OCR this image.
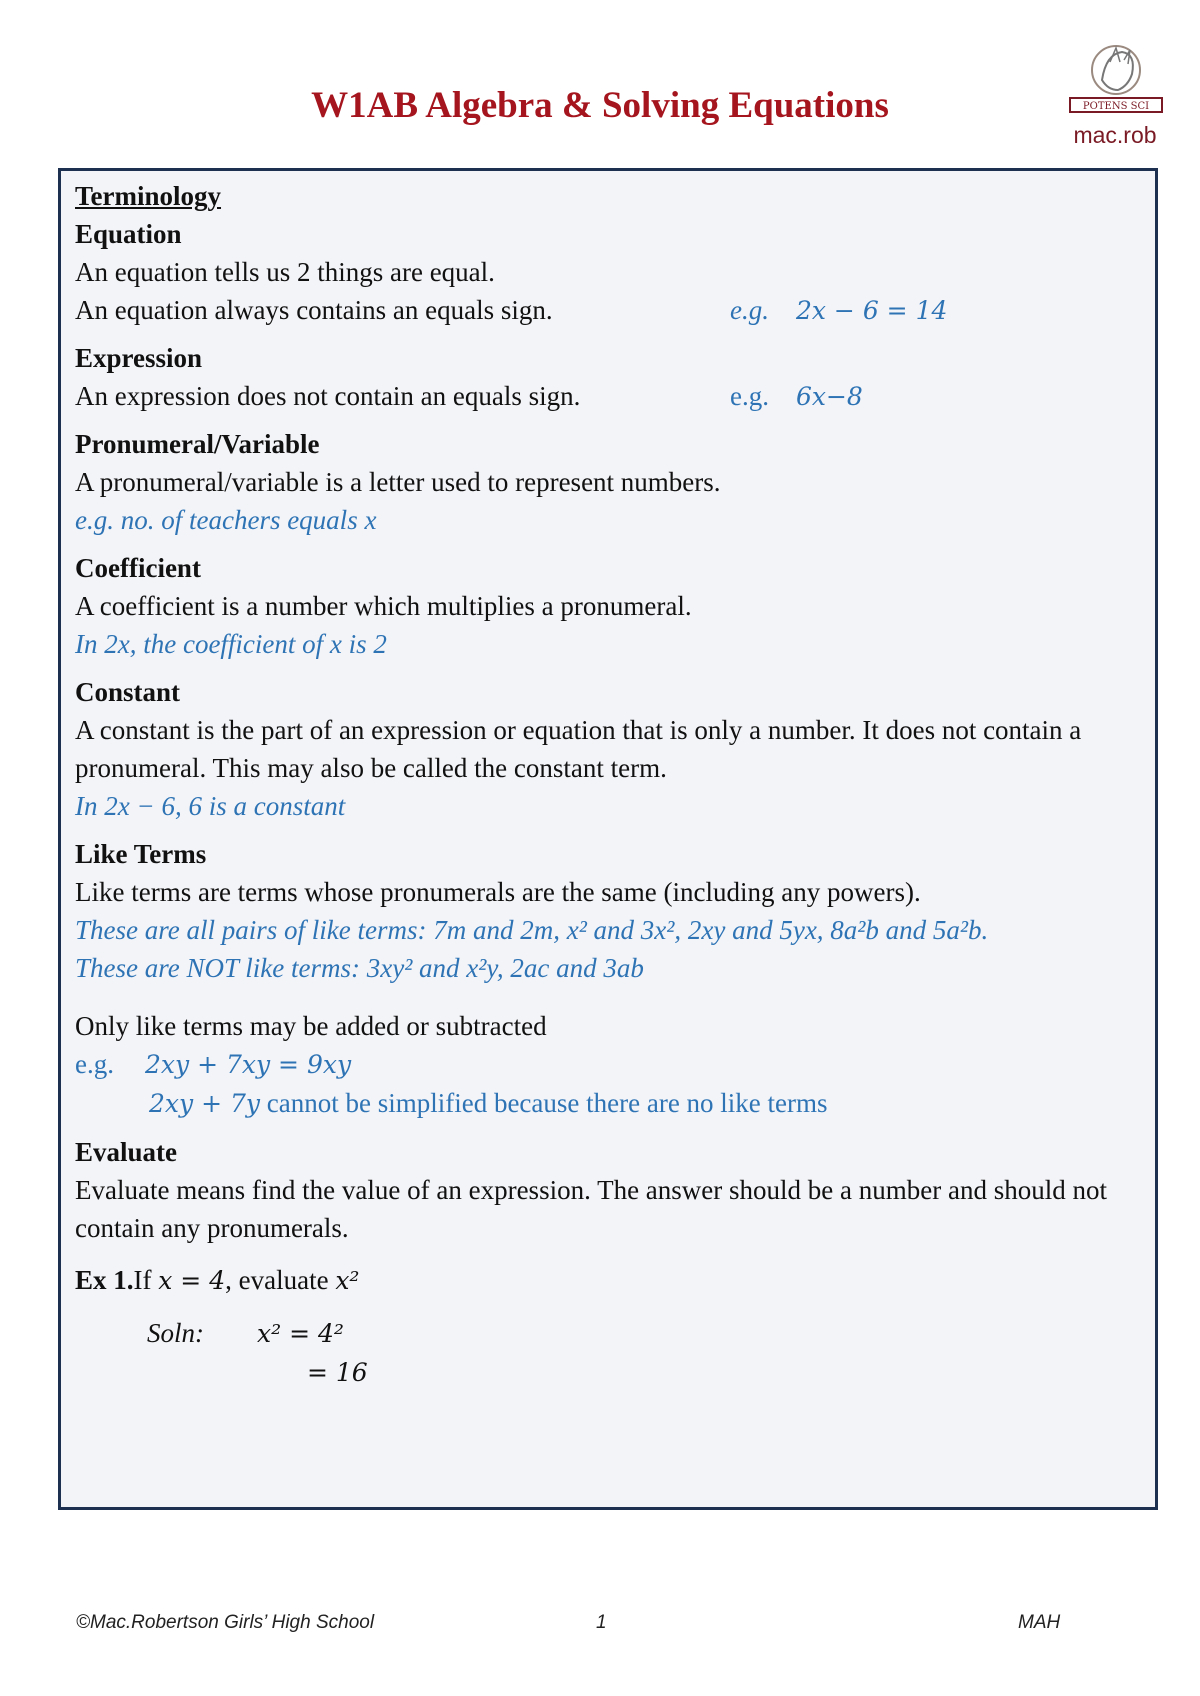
W1AB Algebra & Solving Equations	POTENS SCI
mac.rob

Terminology

Equation
An equation tells us 2 things are equal.
An equation always contains an equals sign.	e.g. 2x − 6 = 14
Expression
An expression does not contain an equals sign.	e.g. 6x−8
Pronumeral/Variable
A pronumeral/variable is a letter used to represent numbers.
e.g. no. of teachers equals x
Coefficient
A coefficient is a number which multiplies a pronumeral.
In 2x, the coefficient of x is 2
Constant
A constant is the part of an expression or equation that is only a number. It does not contain a pronumeral. This may also be called the constant term.
In 2x − 6, 6 is a constant
Like Terms
Like terms are terms whose pronumerals are the same (including any powers).
These are all pairs of like terms: 7m and 2m, x² and 3x², 2xy and 5yx, 8a²b and 5a²b.
These are NOT like terms: 3xy² and x²y, 2ac and 3ab
Only like terms may be added or subtracted
e.g. 2xy + 7xy = 9xy
2xy + 7y cannot be simplified because there are no like terms
Evaluate
Evaluate means find the value of an expression. The answer should be a number and should not contain any pronumerals.
Ex 1.If x = 4, evaluate x²
Soln: x² = 4²
= 16
©Mac.Robertson Girls’ High School	1	MAH
